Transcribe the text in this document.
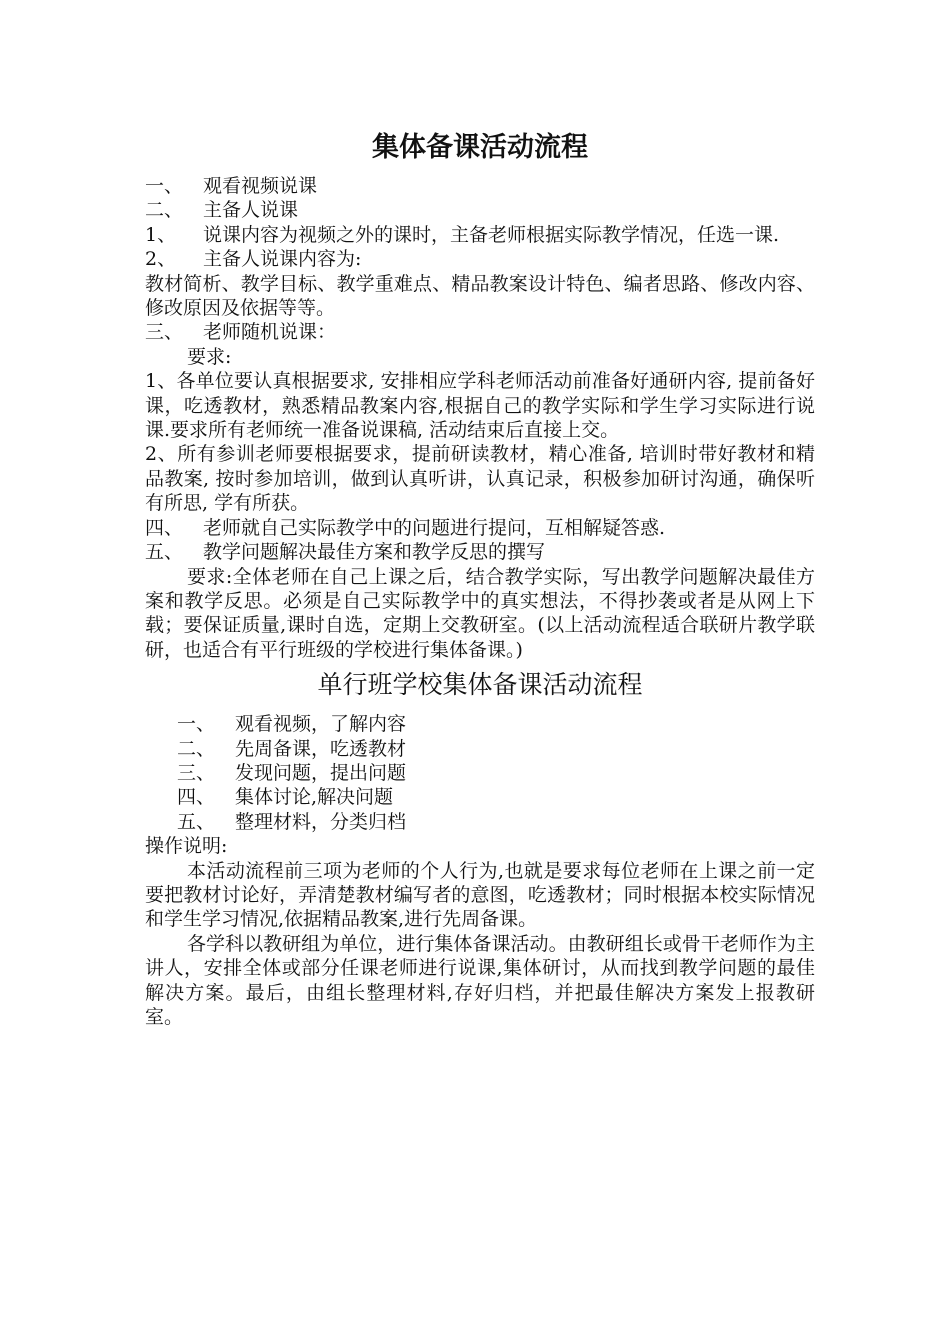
集体备课活动流程
一、	观看视频说课
二、	主备人说课
1、	说课内容为视频之外的课时，主备老师根据实际教学情况，任选一课.
2、	主备人说课内容为:
教材简析、教学目标、教学重难点、精品教案设计特色、编者思路、修改内容、修改原因及依据等等。
三、	老师随机说课：
要求:
1、各单位要认真根据要求, 安排相应学科老师活动前准备好通研内容, 提前备好课，吃透教材，熟悉精品教案内容,根据自己的教学实际和学生学习实际进行说课.要求所有老师统一准备说课稿, 活动结束后直接上交。
2、所有参训老师要根据要求，提前研读教材，精心准备, 培训时带好教材和精品教案, 按时参加培训，做到认真听讲，认真记录，积极参加研讨沟通，确保听有所思, 学有所获。
四、	老师就自己实际教学中的问题进行提问，互相解疑答惑.
五、	教学问题解决最佳方案和教学反思的撰写
要求:全体老师在自己上课之后，结合教学实际，写出教学问题解决最佳方案和教学反思。必须是自己实际教学中的真实想法，不得抄袭或者是从网上下载；要保证质量,课时自选，定期上交教研室。(以上活动流程适合联研片教学联研，也适合有平行班级的学校进行集体备课。)
单行班学校集体备课活动流程
一、	观看视频，了解内容
二、	先周备课，吃透教材
三、	发现问题，提出问题
四、	集体讨论,解决问题
五、	整理材料，分类归档
操作说明:
本活动流程前三项为老师的个人行为,也就是要求每位老师在上课之前一定要把教材讨论好，弄清楚教材编写者的意图，吃透教材；同时根据本校实际情况和学生学习情况,依据精品教案,进行先周备课。
各学科以教研组为单位，进行集体备课活动。由教研组长或骨干老师作为主讲人，安排全体或部分任课老师进行说课,集体研讨，从而找到教学问题的最佳解决方案。最后，由组长整理材料,存好归档，并把最佳解决方案发上报教研室。
